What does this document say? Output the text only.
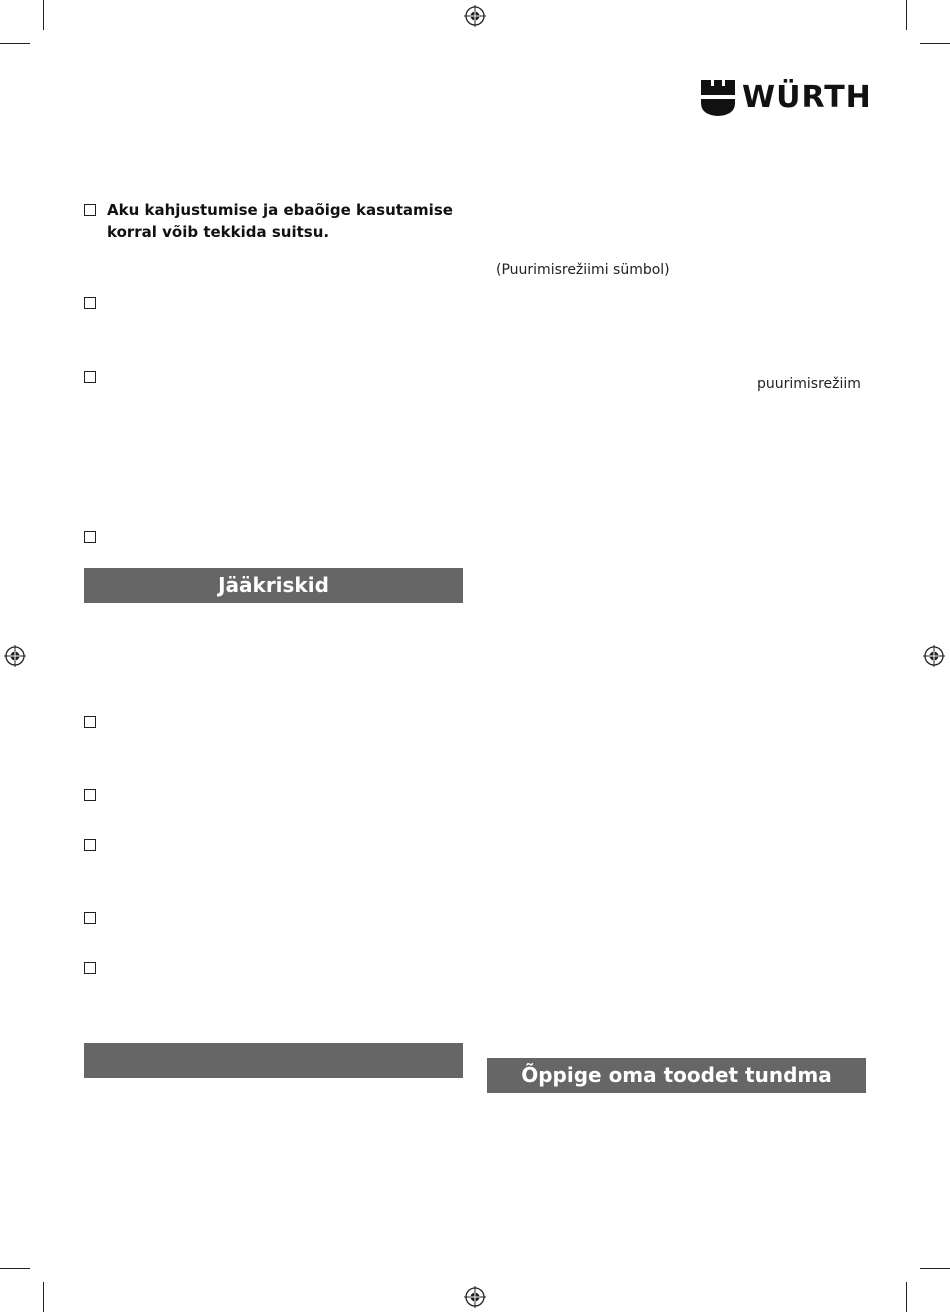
WÜRTH
Aku kahjustumise ja ebaõige kasutamise korral võib tekkida suitsu.
Jääkriskid
(Puurimisrežiimi sümbol)
puurimisrežiim
Õppige oma toodet tundma
